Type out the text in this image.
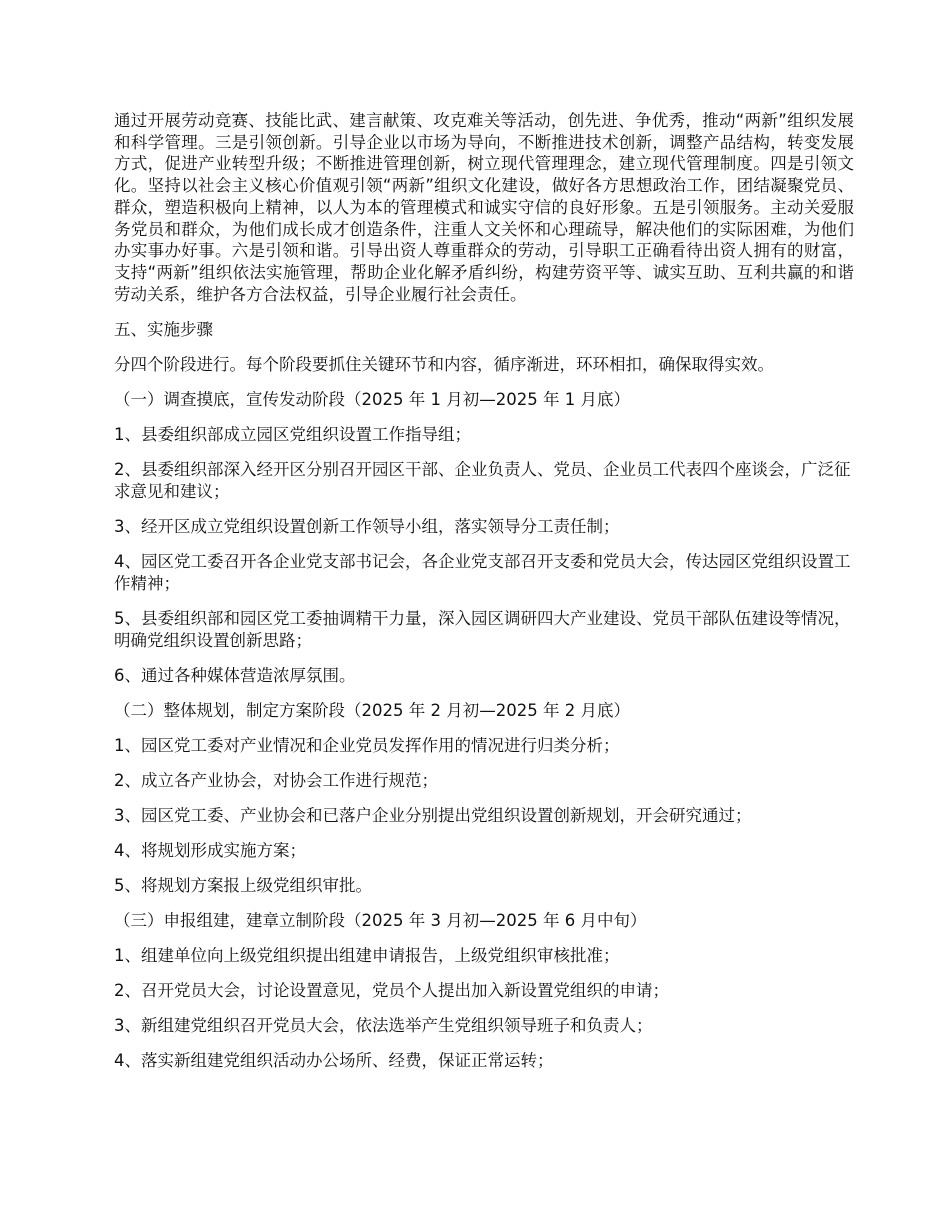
通过开展劳动竞赛、技能比武、建言献策、攻克难关等活动，创先进、争优秀，推动“两新”组织发展和科学管理。三是引领创新。引导企业以市场为导向，不断推进技术创新，调整产品结构，转变发展方式，促进产业转型升级；不断推进管理创新，树立现代管理理念，建立现代管理制度。四是引领文化。坚持以社会主义核心价值观引领“两新”组织文化建设，做好各方思想政治工作，团结凝聚党员、群众，塑造积极向上精神，以人为本的管理模式和诚实守信的良好形象。五是引领服务。主动关爱服务党员和群众，为他们成长成才创造条件，注重人文关怀和心理疏导，解决他们的实际困难，为他们办实事办好事。六是引领和谐。引导出资人尊重群众的劳动，引导职工正确看待出资人拥有的财富，支持“两新”组织依法实施管理，帮助企业化解矛盾纠纷，构建劳资平等、诚实互助、互利共赢的和谐劳动关系，维护各方合法权益，引导企业履行社会责任。

五、实施步骤

分四个阶段进行。每个阶段要抓住关键环节和内容，循序渐进，环环相扣，确保取得实效。

（一）调查摸底，宣传发动阶段（2025 年 1 月初—2025 年 1 月底）

1、县委组织部成立园区党组织设置工作指导组；

2、县委组织部深入经开区分别召开园区干部、企业负责人、党员、企业员工代表四个座谈会，广泛征求意见和建议；

3、经开区成立党组织设置创新工作领导小组，落实领导分工责任制；

4、园区党工委召开各企业党支部书记会，各企业党支部召开支委和党员大会，传达园区党组织设置工作精神；

5、县委组织部和园区党工委抽调精干力量，深入园区调研四大产业建设、党员干部队伍建设等情况，明确党组织设置创新思路；

6、通过各种媒体营造浓厚氛围。

（二）整体规划，制定方案阶段（2025 年 2 月初—2025 年 2 月底）

1、园区党工委对产业情况和企业党员发挥作用的情况进行归类分析；

2、成立各产业协会，对协会工作进行规范；

3、园区党工委、产业协会和已落户企业分别提出党组织设置创新规划，开会研究通过；

4、将规划形成实施方案；

5、将规划方案报上级党组织审批。

（三）申报组建，建章立制阶段（2025 年 3 月初—2025 年 6 月中旬）

1、组建单位向上级党组织提出组建申请报告，上级党组织审核批准；

2、召开党员大会，讨论设置意见，党员个人提出加入新设置党组织的申请；

3、新组建党组织召开党员大会，依法选举产生党组织领导班子和负责人；

4、落实新组建党组织活动办公场所、经费，保证正常运转；
